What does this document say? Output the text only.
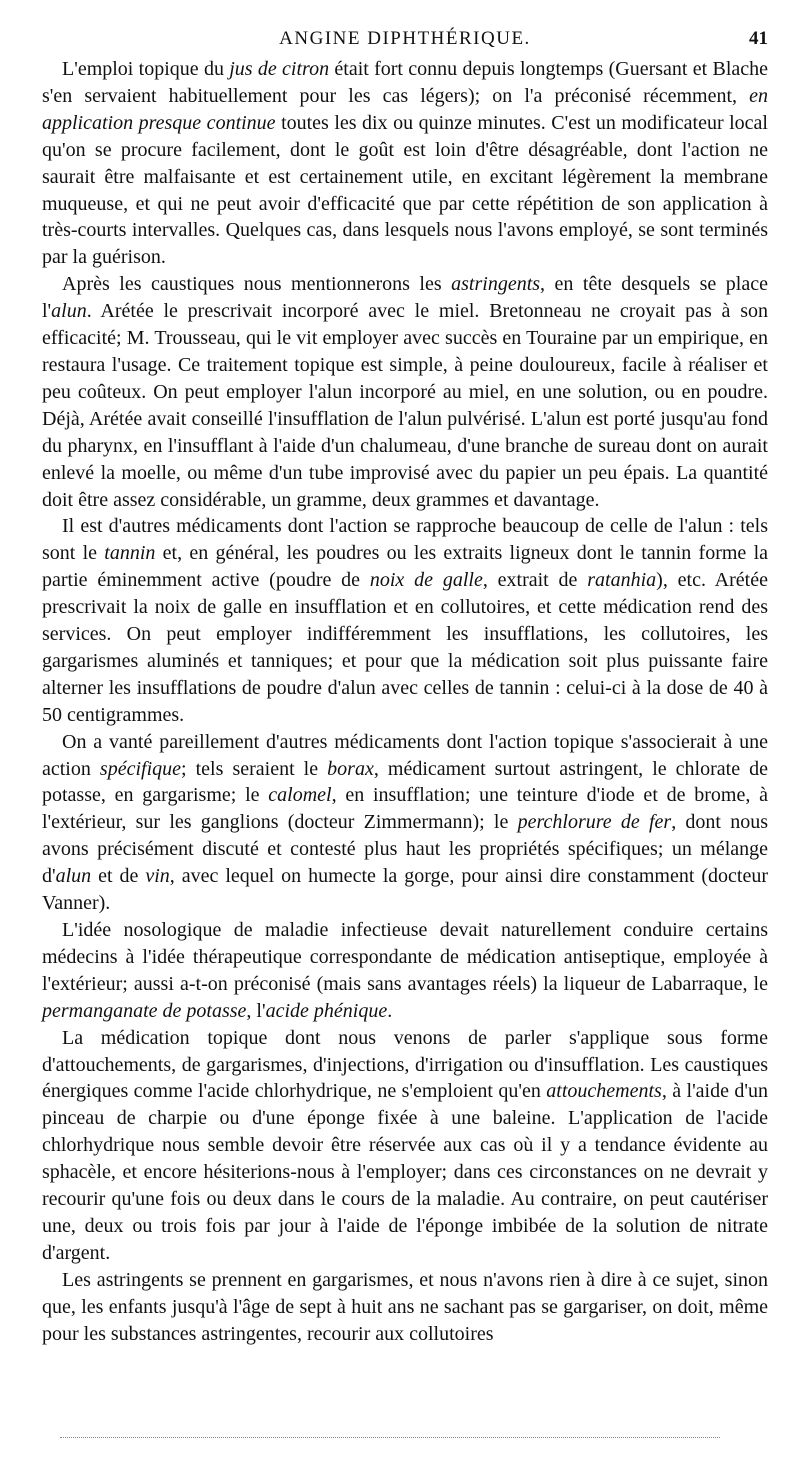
ANGINE DIPHTHÉRIQUE.	41

L'emploi topique du jus de citron était fort connu depuis longtemps (Guersant et Blache s'en servaient habituellement pour les cas légers); on l'a préconisé récemment, en application presque continue toutes les dix ou quinze minutes. C'est un modificateur local qu'on se procure facilement, dont le goût est loin d'être désagréable, dont l'action ne saurait être malfaisante et est certainement utile, en excitant légèrement la membrane muqueuse, et qui ne peut avoir d'efficacité que par cette répétition de son application à très-courts intervalles. Quelques cas, dans lesquels nous l'avons employé, se sont terminés par la guérison.

Après les caustiques nous mentionnerons les astringents, en tête desquels se place l'alun. Arétée le prescrivait incorporé avec le miel. Bretonneau ne croyait pas à son efficacité; M. Trousseau, qui le vit employer avec succès en Touraine par un empirique, en restaura l'usage. Ce traitement topique est simple, à peine douloureux, facile à réaliser et peu coûteux. On peut employer l'alun incorporé au miel, en une solution, ou en poudre. Déjà, Arétée avait conseillé l'insufflation de l'alun pulvérisé. L'alun est porté jusqu'au fond du pharynx, en l'insufflant à l'aide d'un chalumeau, d'une branche de sureau dont on aurait enlevé la moelle, ou même d'un tube improvisé avec du papier un peu épais. La quantité doit être assez considérable, un gramme, deux grammes et davantage.

Il est d'autres médicaments dont l'action se rapproche beaucoup de celle de l'alun : tels sont le tannin et, en général, les poudres ou les extraits ligneux dont le tannin forme la partie éminemment active (poudre de noix de galle, extrait de ratanhia), etc. Arétée prescrivait la noix de galle en insufflation et en collutoires, et cette médication rend des services. On peut employer indifféremment les insufflations, les collutoires, les gargarismes aluminés et tanniques; et pour que la médication soit plus puissante faire alterner les insufflations de poudre d'alun avec celles de tannin : celui-ci à la dose de 40 à 50 centigrammes.

On a vanté pareillement d'autres médicaments dont l'action topique s'associerait à une action spécifique; tels seraient le borax, médicament surtout astringent, le chlorate de potasse, en gargarisme; le calomel, en insufflation; une teinture d'iode et de brome, à l'extérieur, sur les ganglions (docteur Zimmermann); le perchlorure de fer, dont nous avons précisément discuté et contesté plus haut les propriétés spécifiques; un mélange d'alun et de vin, avec lequel on humecte la gorge, pour ainsi dire constamment (docteur Vanner).

L'idée nosologique de maladie infectieuse devait naturellement conduire certains médecins à l'idée thérapeutique correspondante de médication antiseptique, employée à l'extérieur; aussi a-t-on préconisé (mais sans avantages réels) la liqueur de Labarraque, le permanganate de potasse, l'acide phénique.

La médication topique dont nous venons de parler s'applique sous forme d'attouchements, de gargarismes, d'injections, d'irrigation ou d'insufflation. Les caustiques énergiques comme l'acide chlorhydrique, ne s'emploient qu'en attouchements, à l'aide d'un pinceau de charpie ou d'une éponge fixée à une baleine. L'application de l'acide chlorhydrique nous semble devoir être réservée aux cas où il y a tendance évidente au sphacèle, et encore hésiterions-nous à l'employer; dans ces circonstances on ne devrait y recourir qu'une fois ou deux dans le cours de la maladie. Au contraire, on peut cautériser une, deux ou trois fois par jour à l'aide de l'éponge imbibée de la solution de nitrate d'argent.

Les astringents se prennent en gargarismes, et nous n'avons rien à dire à ce sujet, sinon que, les enfants jusqu'à l'âge de sept à huit ans ne sachant pas se gargariser, on doit, même pour les substances astringentes, recourir aux collutoires
